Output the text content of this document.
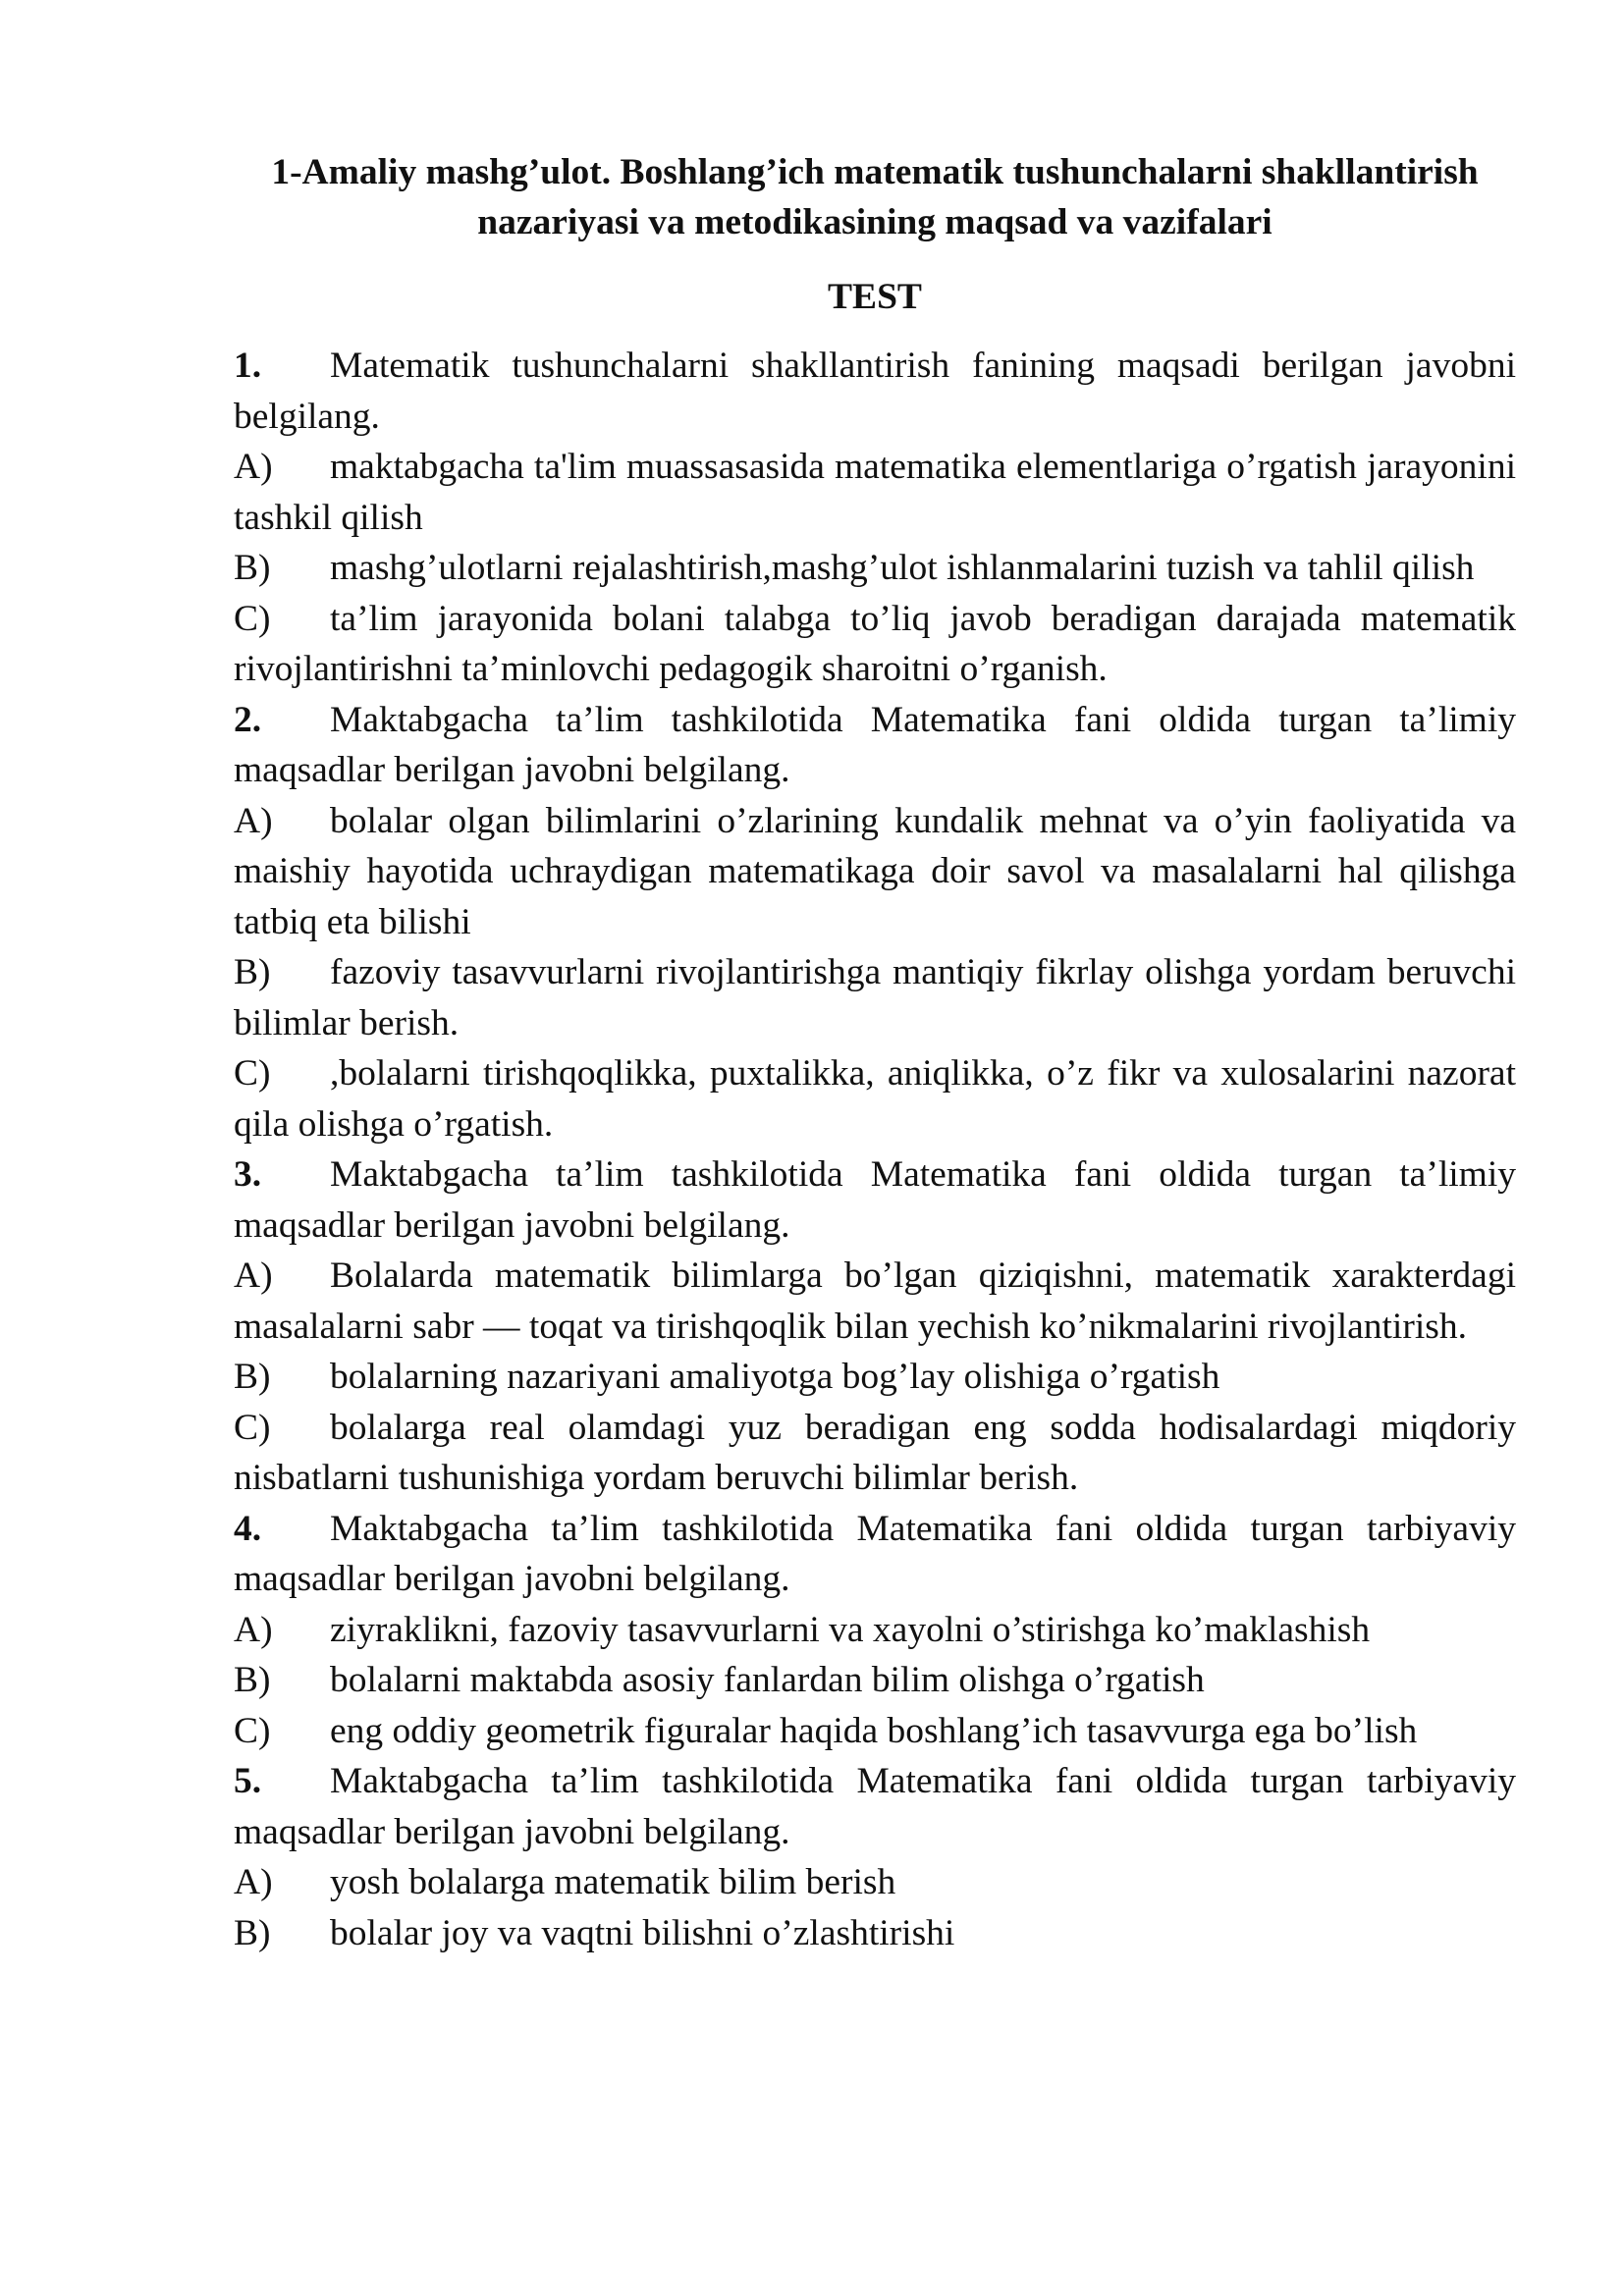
1-Amaliy mashg’ulot. Boshlang’ich matematik tushunchalarni shakllantirish
nazariyasi va metodikasining maqsad va vazifalari

TEST

1. Matematik tushunchalarni shakllantirish fanining maqsadi berilgan javobni belgilang.

A) maktabgacha ta'lim muassasasida matematika elementlariga o’rgatish jarayonini tashkil qilish

B) mashg’ulotlarni rejalashtirish,mashg’ulot ishlanmalarini tuzish va tahlil qilish

C) ta’lim jarayonida bolani talabga to’liq javob beradigan darajada matematik rivojlantirishni ta’minlovchi pedagogik sharoitni o’rganish.

2. Maktabgacha ta’lim tashkilotida Matematika fani oldida turgan ta’limiy maqsadlar berilgan javobni belgilang.

A) bolalar olgan bilimlarini o’zlarining kundalik mehnat va o’yin faoliyatida va maishiy hayotida uchraydigan matematikaga doir savol va masalalarni hal qilishga tatbiq eta bilishi

B) fazoviy tasavvurlarni rivojlantirishga mantiqiy fikrlay olishga yordam beruvchi bilimlar berish.

C) ,bolalarni tirishqoqlikka, puxtalikka, aniqlikka, o’z fikr va xulosalarini nazorat qila olishga o’rgatish.

3. Maktabgacha ta’lim tashkilotida Matematika fani oldida turgan ta’limiy maqsadlar berilgan javobni belgilang.

A) Bolalarda matematik bilimlarga bo’lgan qiziqishni, matematik xarakterdagi masalalarni sabr — toqat va tirishqoqlik bilan yechish ko’nikmalarini rivojlantirish.

B) bolalarning nazariyani amaliyotga bog’lay olishiga o’rgatish

C) bolalarga real olamdagi yuz beradigan eng sodda hodisalardagi miqdoriy nisbatlarni tushunishiga yordam beruvchi bilimlar berish.

4. Maktabgacha ta’lim tashkilotida Matematika fani oldida turgan tarbiyaviy maqsadlar berilgan javobni belgilang.

A) ziyraklikni, fazoviy tasavvurlarni va xayolni o’stirishga ko’maklashish

B) bolalarni maktabda asosiy fanlardan bilim olishga o’rgatish

C) eng oddiy geometrik figuralar haqida boshlang’ich tasavvurga ega bo’lish

5. Maktabgacha ta’lim tashkilotida Matematika fani oldida turgan tarbiyaviy maqsadlar berilgan javobni belgilang.

A) yosh bolalarga matematik bilim berish

B) bolalar joy va vaqtni bilishni o’zlashtirishi
